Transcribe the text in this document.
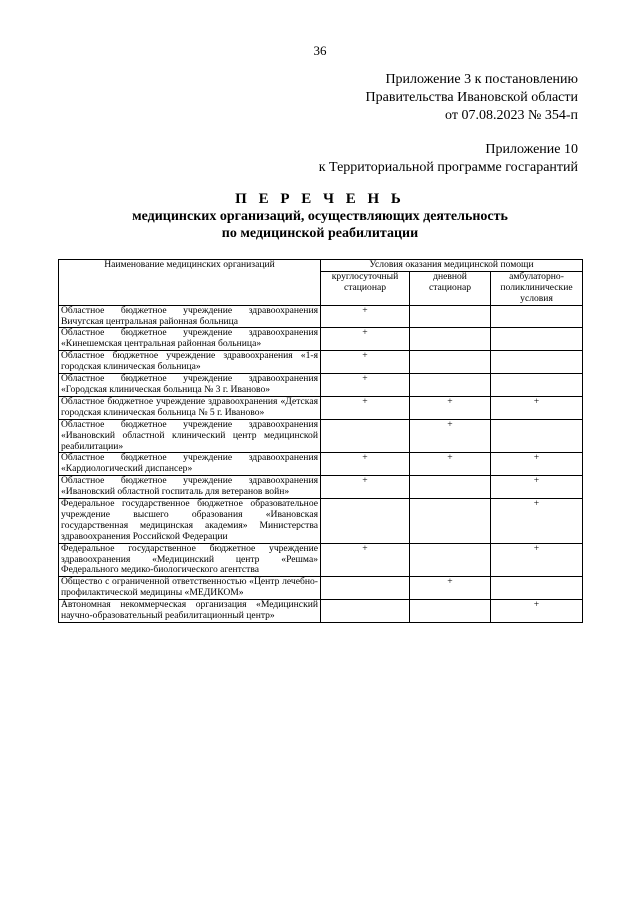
36
Приложение 3 к постановлению
Правительства Ивановской области
от 07.08.2023 № 354-п
Приложение 10
к Территориальной программе госгарантий
П Е Р Е Ч Е Н Ь
медицинских организаций, осуществляющих деятельность
по медицинской реабилитации
Наименование медицинских организаций	Условия оказания медицинской помощи		
	круглосуточный стационар	дневной стационар	амбулаторно-поликлинические условия
Областное бюджетное учреждение здравоохранения Вичугская центральная районная больница	+		
Областное бюджетное учреждение здравоохранения «Кинешемская центральная районная больница»	+		
Областное бюджетное учреждение здравоохранения «1-я городская клиническая больница»	+		
Областное бюджетное учреждение здравоохранения «Городская клиническая больница № 3 г. Иваново»	+		
Областное бюджетное учреждение здравоохранения «Детская городская клиническая больница № 5 г. Иваново»	+	+	+
Областное бюджетное учреждение здравоохранения «Ивановский областной клинический центр медицинской реабилитации»		+	
Областное бюджетное учреждение здравоохранения «Кардиологический диспансер»	+	+	+
Областное бюджетное учреждение здравоохранения «Ивановский областной госпиталь для ветеранов войн»	+		+
Федеральное государственное бюджетное образовательное учреждение высшего образования «Ивановская государственная медицинская академия» Министерства здравоохранения Российской Федерации			+
Федеральное государственное бюджетное учреждение здравоохранения «Медицинский центр «Решма» Федерального медико-биологического агентства	+		+
Общество с ограниченной ответственностью «Центр лечебно-профилактической медицины «МЕДИКОМ»		+	
Автономная некоммерческая организация «Медицинский научно-образовательный реабилитационный центр»			+
